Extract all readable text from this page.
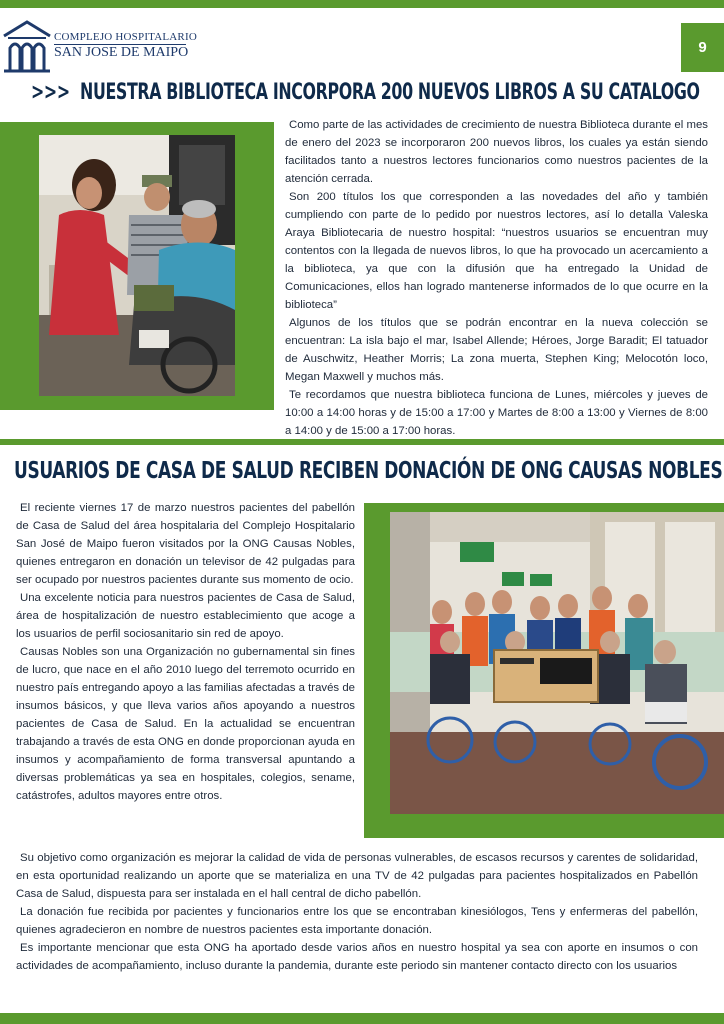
COMPLEJO HOSPITALARIO
SAN JOSE DE MAIPO	9
>>> NUESTRA BIBLIOTECA INCORPORA 200 NUEVOS LIBROS A SU CATALOGO

Como parte de las actividades de crecimiento de nuestra Biblioteca durante el mes de enero del 2023 se incorporaron 200 nuevos libros, los cuales ya están siendo facilitados tanto a nuestros lectores funcionarios como nuestros pacientes de la atención cerrada.

Son 200 títulos los que corresponden a las novedades del año y también cumpliendo con parte de lo pedido por nuestros lectores, así lo detalla Valeska Araya Bibliotecaria de nuestro hospital: “nuestros usuarios se encuentran muy contentos con la llegada de nuevos libros, lo que ha provocado un acercamiento a la biblioteca, ya que con la difusión que ha entregado la Unidad de Comunicaciones, ellos han logrado mantenerse informados de lo que ocurre en la biblioteca”

Algunos de los títulos que se podrán encontrar en la nueva colección se encuentran: La isla bajo el mar, Isabel Allende; Héroes, Jorge Baradit; El tatuador de Auschwitz, Heather Morris; La zona muerta, Stephen King; Melocotón loco, Megan Maxwell y muchos más.

Te recordamos que nuestra biblioteca funciona de Lunes, miércoles y jueves de 10:00 a 14:00 horas y de 15:00 a 17:00 y Martes de 8:00 a 13:00 y Viernes de 8:00 a 14:00 y de 15:00 a 17:00 horas.

USUARIOS DE CASA DE SALUD RECIBEN DONACIÓN DE ONG CAUSAS NOBLES

El reciente viernes 17 de marzo nuestros pacientes del pabellón de Casa de Salud del área hospitalaria del Complejo Hospitalario San José de Maipo fueron visitados por la ONG Causas Nobles, quienes entregaron en donación un televisor de 42 pulgadas para ser ocupado por nuestros pacientes durante sus momento de ocio.

Una excelente noticia para nuestros pacientes de Casa de Salud, área de hospitalización de nuestro establecimiento que acoge a los usuarios de perfil sociosanitario sin red de apoyo.

Causas Nobles son una Organización no gubernamental sin fines de lucro, que nace en el año 2010 luego del terremoto ocurrido en nuestro país entregando apoyo a las familias afectadas a través de insumos básicos, y que lleva varios años apoyando a nuestros pacientes de Casa de Salud. En la actualidad se encuentran trabajando a través de esta ONG en donde proporcionan ayuda en insumos y acompañamiento de forma transversal apuntando a diversas problemáticas ya sea en hospitales, colegios, sename, catástrofes, adultos mayores entre otros.

Su objetivo como organización es mejorar la calidad de vida de personas vulnerables, de escasos recursos y carentes de solidaridad, en esta oportunidad realizando un aporte que se materializa en una TV de 42 pulgadas para pacientes hospitalizados en Pabellón Casa de Salud, dispuesta para ser instalada en el hall central de dicho pabellón.

La donación fue recibida por pacientes y funcionarios entre los que se encontraban kinesiólogos, Tens y enfermeras del pabellón, quienes agradecieron en nombre de nuestros pacientes esta importante donación.

Es importante mencionar que esta ONG ha aportado desde varios años en nuestro hospital ya sea con aporte en insumos o con actividades de acompañamiento, incluso durante la pandemia, durante este periodo sin mantener contacto directo con los usuarios
